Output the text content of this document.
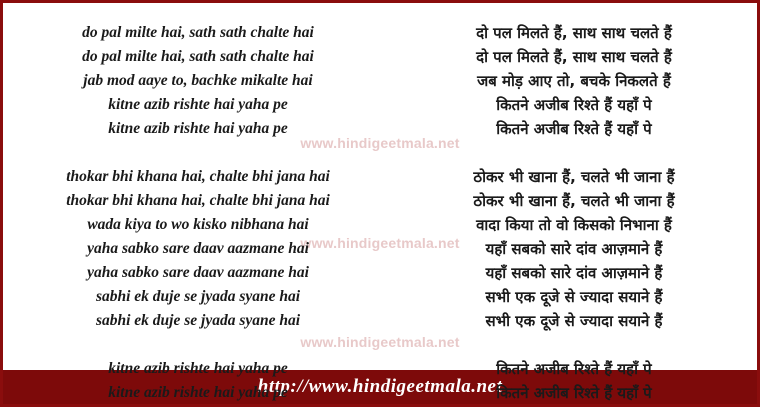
www.hindigeetmala.net
www.hindigeetmala.net
www.hindigeetmala.net
do pal milte hai, sath sath chalte hai	दो पल मिलते हैं, साथ साथ चलते हैं
do pal milte hai, sath sath chalte hai	दो पल मिलते हैं, साथ साथ चलते हैं
jab mod aaye to, bachke mikalte hai	जब मोड़ आए तो, बचके निकलते हैं
kitne azib rishte hai yaha pe	कितने अजीब रिश्ते हैं यहाँ पे
kitne azib rishte hai yaha pe	कितने अजीब रिश्ते हैं यहाँ पे
thokar bhi khana hai, chalte bhi jana hai	ठोकर भी खाना हैं, चलते भी जाना हैं
thokar bhi khana hai, chalte bhi jana hai	ठोकर भी खाना हैं, चलते भी जाना हैं
wada kiya to wo kisko nibhana hai	वादा किया तो वो किसको निभाना हैं
yaha sabko sare daav aazmane hai	यहाँ सबको सारे दांव आज़माने हैं
yaha sabko sare daav aazmane hai	यहाँ सबको सारे दांव आज़माने हैं
sabhi ek duje se jyada syane hai	सभी एक दूजे से ज्यादा सयाने हैं
sabhi ek duje se jyada syane hai	सभी एक दूजे से ज्यादा सयाने हैं
kitne azib rishte hai yaha pe	कितने अजीब रिश्ते हैं यहाँ पे
kitne azib rishte hai yaha pe	कितने अजीब रिश्ते हैं यहाँ पे
http://www.hindigeetmala.net
